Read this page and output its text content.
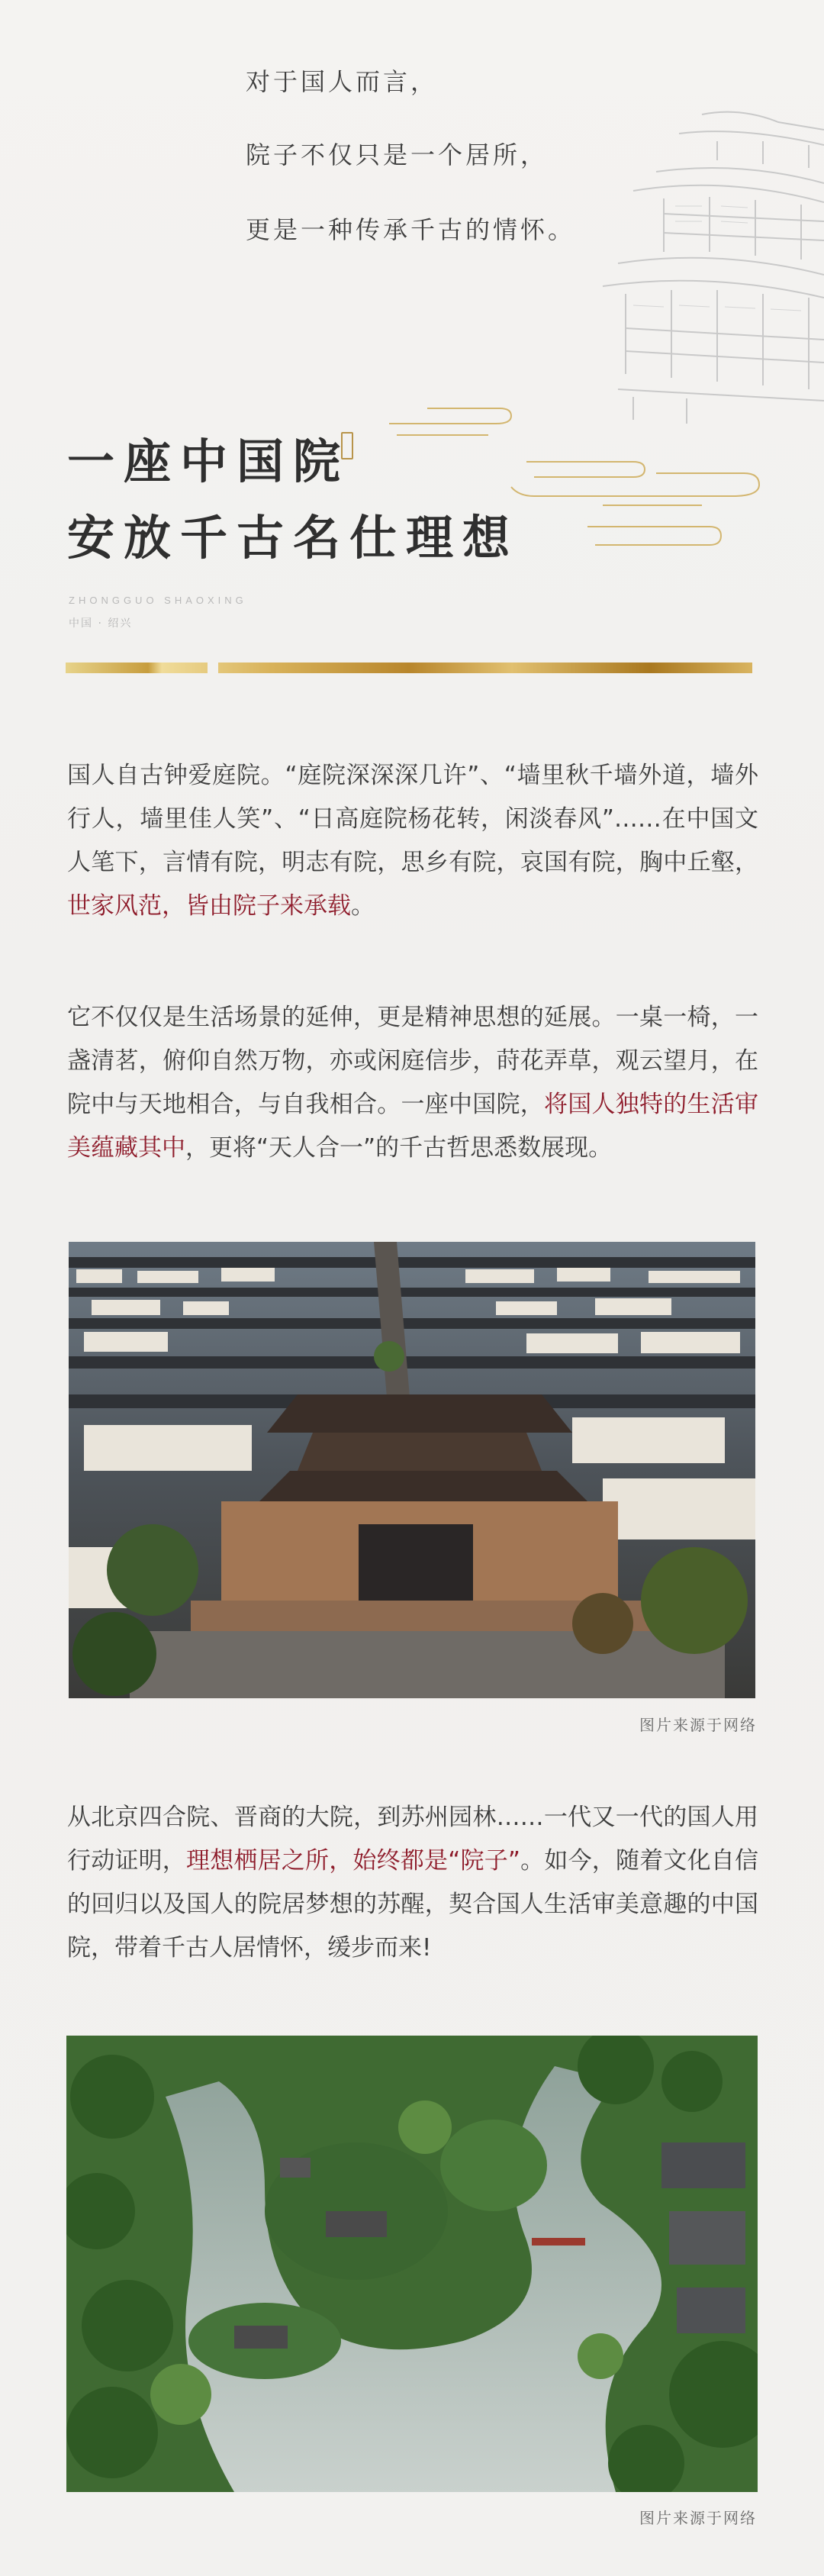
对于国人而言，
院子不仅只是一个居所，
更是一种传承千古的情怀。
一座中国院
安放千古名仕理想
ZHONGGUO SHAOXING
中国 · 绍兴
国人自古钟爱庭院。“庭院深深深几许”、“墙里秋千墙外道，墙外行人，墙里佳人笑”、“日高庭院杨花转，闲淡春风”……在中国文人笔下，言情有院，明志有院，思乡有院，哀国有院，胸中丘壑，世家风范，皆由院子来承载。
它不仅仅是生活场景的延伸，更是精神思想的延展。一桌一椅，一盏清茗，俯仰自然万物，亦或闲庭信步，莳花弄草，观云望月，在院中与天地相合，与自我相合。一座中国院，将国人独特的生活审美蕴藏其中，更将“天人合一”的千古哲思悉数展现。
图片来源于网络
从北京四合院、晋商的大院，到苏州园林……一代又一代的国人用行动证明，理想栖居之所，始终都是“院子”。如今，随着文化自信的回归以及国人的院居梦想的苏醒，契合国人生活审美意趣的中国院，带着千古人居情怀，缓步而来!
图片来源于网络
